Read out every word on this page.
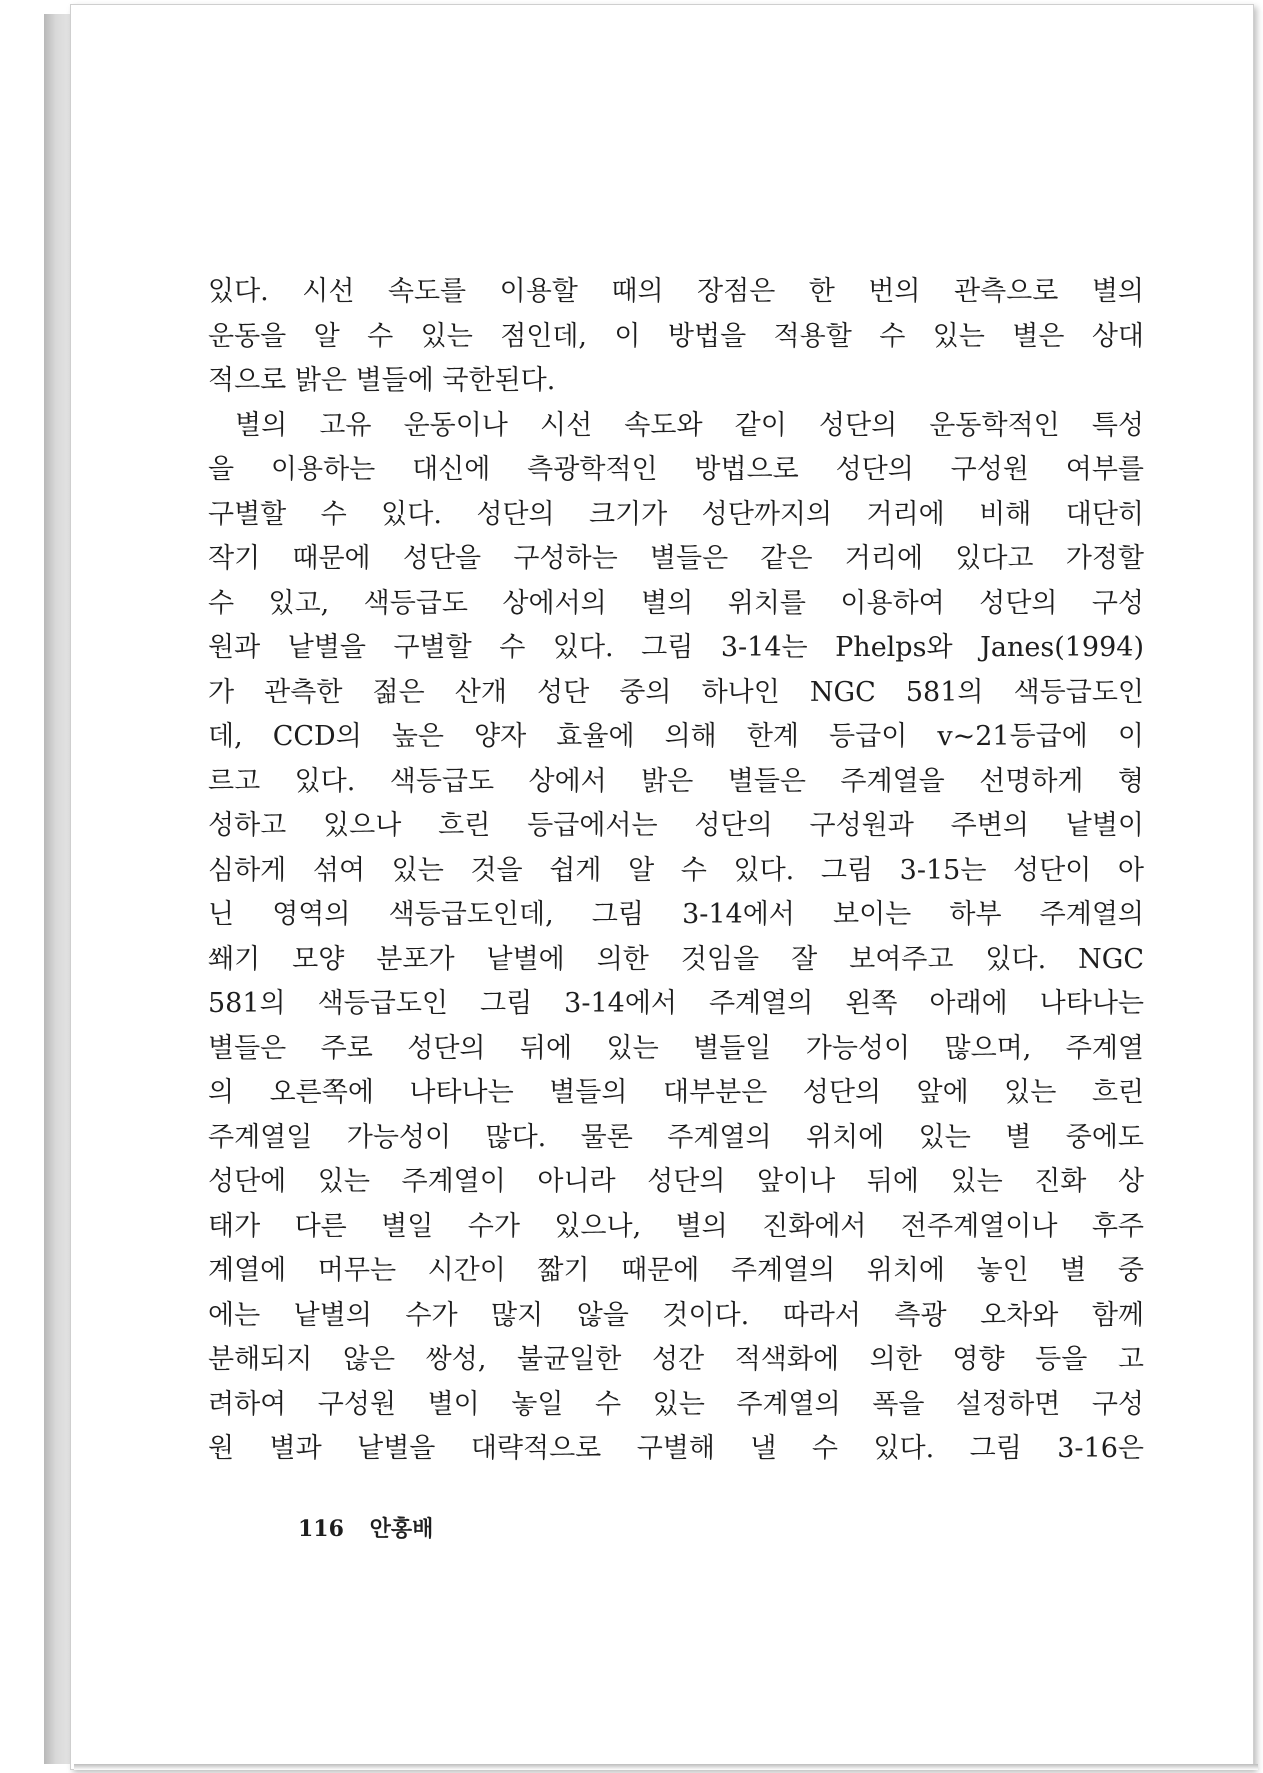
있다. 시선 속도를 이용할 때의 장점은 한 번의 관측으로 별의
운동을 알 수 있는 점인데, 이 방법을 적용할 수 있는 별은 상대
적으로 밝은 별들에 국한된다.
별의 고유 운동이나 시선 속도와 같이 성단의 운동학적인 특성
을 이용하는 대신에 측광학적인 방법으로 성단의 구성원 여부를
구별할 수 있다. 성단의 크기가 성단까지의 거리에 비해 대단히
작기 때문에 성단을 구성하는 별들은 같은 거리에 있다고 가정할
수 있고, 색등급도 상에서의 별의 위치를 이용하여 성단의 구성
원과 낱별을 구별할 수 있다. 그림 3-14는 Phelps와 Janes(1994)
가 관측한 젊은 산개 성단 중의 하나인 NGC 581의 색등급도인
데, CCD의 높은 양자 효율에 의해 한계 등급이 v~21등급에 이
르고 있다. 색등급도 상에서 밝은 별들은 주계열을 선명하게 형
성하고 있으나 흐린 등급에서는 성단의 구성원과 주변의 낱별이
심하게 섞여 있는 것을 쉽게 알 수 있다. 그림 3-15는 성단이 아
닌 영역의 색등급도인데, 그림 3-14에서 보이는 하부 주계열의
쐐기 모양 분포가 낱별에 의한 것임을 잘 보여주고 있다. NGC
581의 색등급도인 그림 3-14에서 주계열의 왼쪽 아래에 나타나는
별들은 주로 성단의 뒤에 있는 별들일 가능성이 많으며, 주계열
의 오른쪽에 나타나는 별들의 대부분은 성단의 앞에 있는 흐린
주계열일 가능성이 많다. 물론 주계열의 위치에 있는 별 중에도
성단에 있는 주계열이 아니라 성단의 앞이나 뒤에 있는 진화 상
태가 다른 별일 수가 있으나, 별의 진화에서 전주계열이나 후주
계열에 머무는 시간이 짧기 때문에 주계열의 위치에 놓인 별 중
에는 낱별의 수가 많지 않을 것이다. 따라서 측광 오차와 함께
분해되지 않은 쌍성, 불균일한 성간 적색화에 의한 영향 등을 고
려하여 구성원 별이 놓일 수 있는 주계열의 폭을 설정하면 구성
원 별과 낱별을 대략적으로 구별해 낼 수 있다. 그림 3-16은
116 안홍배
